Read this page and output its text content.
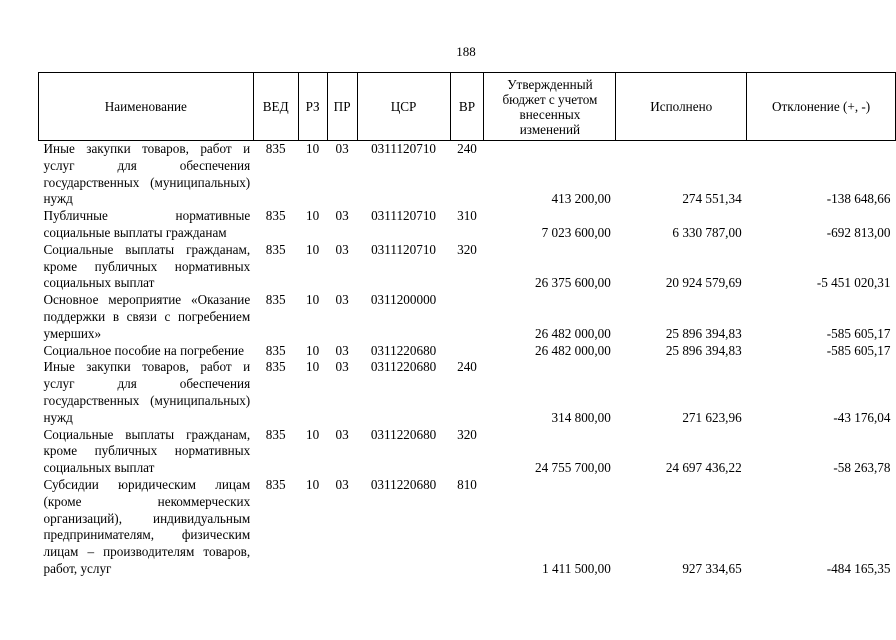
188
Наименование	ВЕД	РЗ	ПР	ЦСР	ВР	Утвержденный бюджет с учетом внесенных изменений	Исполнено	Отклонение (+, -)
Иные закупки товаров, работ и услуг для обеспечения государственных (муниципальных) нужд	835	10	03	0311120710	240	413 200,00	274 551,34	-138 648,66
Публичные нормативные социальные выплаты гражданам	835	10	03	0311120710	310	7 023 600,00	6 330 787,00	-692 813,00
Социальные выплаты гражданам, кроме публичных нормативных социальных выплат	835	10	03	0311120710	320	26 375 600,00	20 924 579,69	-5 451 020,31
Основное мероприятие «Оказание поддержки в связи с погребением умерших»	835	10	03	0311200000		26 482 000,00	25 896 394,83	-585 605,17
Социальное пособие на погребение	835	10	03	0311220680		26 482 000,00	25 896 394,83	-585 605,17
Иные закупки товаров, работ и услуг для обеспечения государственных (муниципальных) нужд	835	10	03	0311220680	240	314 800,00	271 623,96	-43 176,04
Социальные выплаты гражданам, кроме публичных нормативных социальных выплат	835	10	03	0311220680	320	24 755 700,00	24 697 436,22	-58 263,78
Субсидии юридическим лицам (кроме некоммерческих организаций), индивидуальным предпринимателям, физическим лицам – производителям товаров, работ, услуг	835	10	03	0311220680	810	1 411 500,00	927 334,65	-484 165,35
